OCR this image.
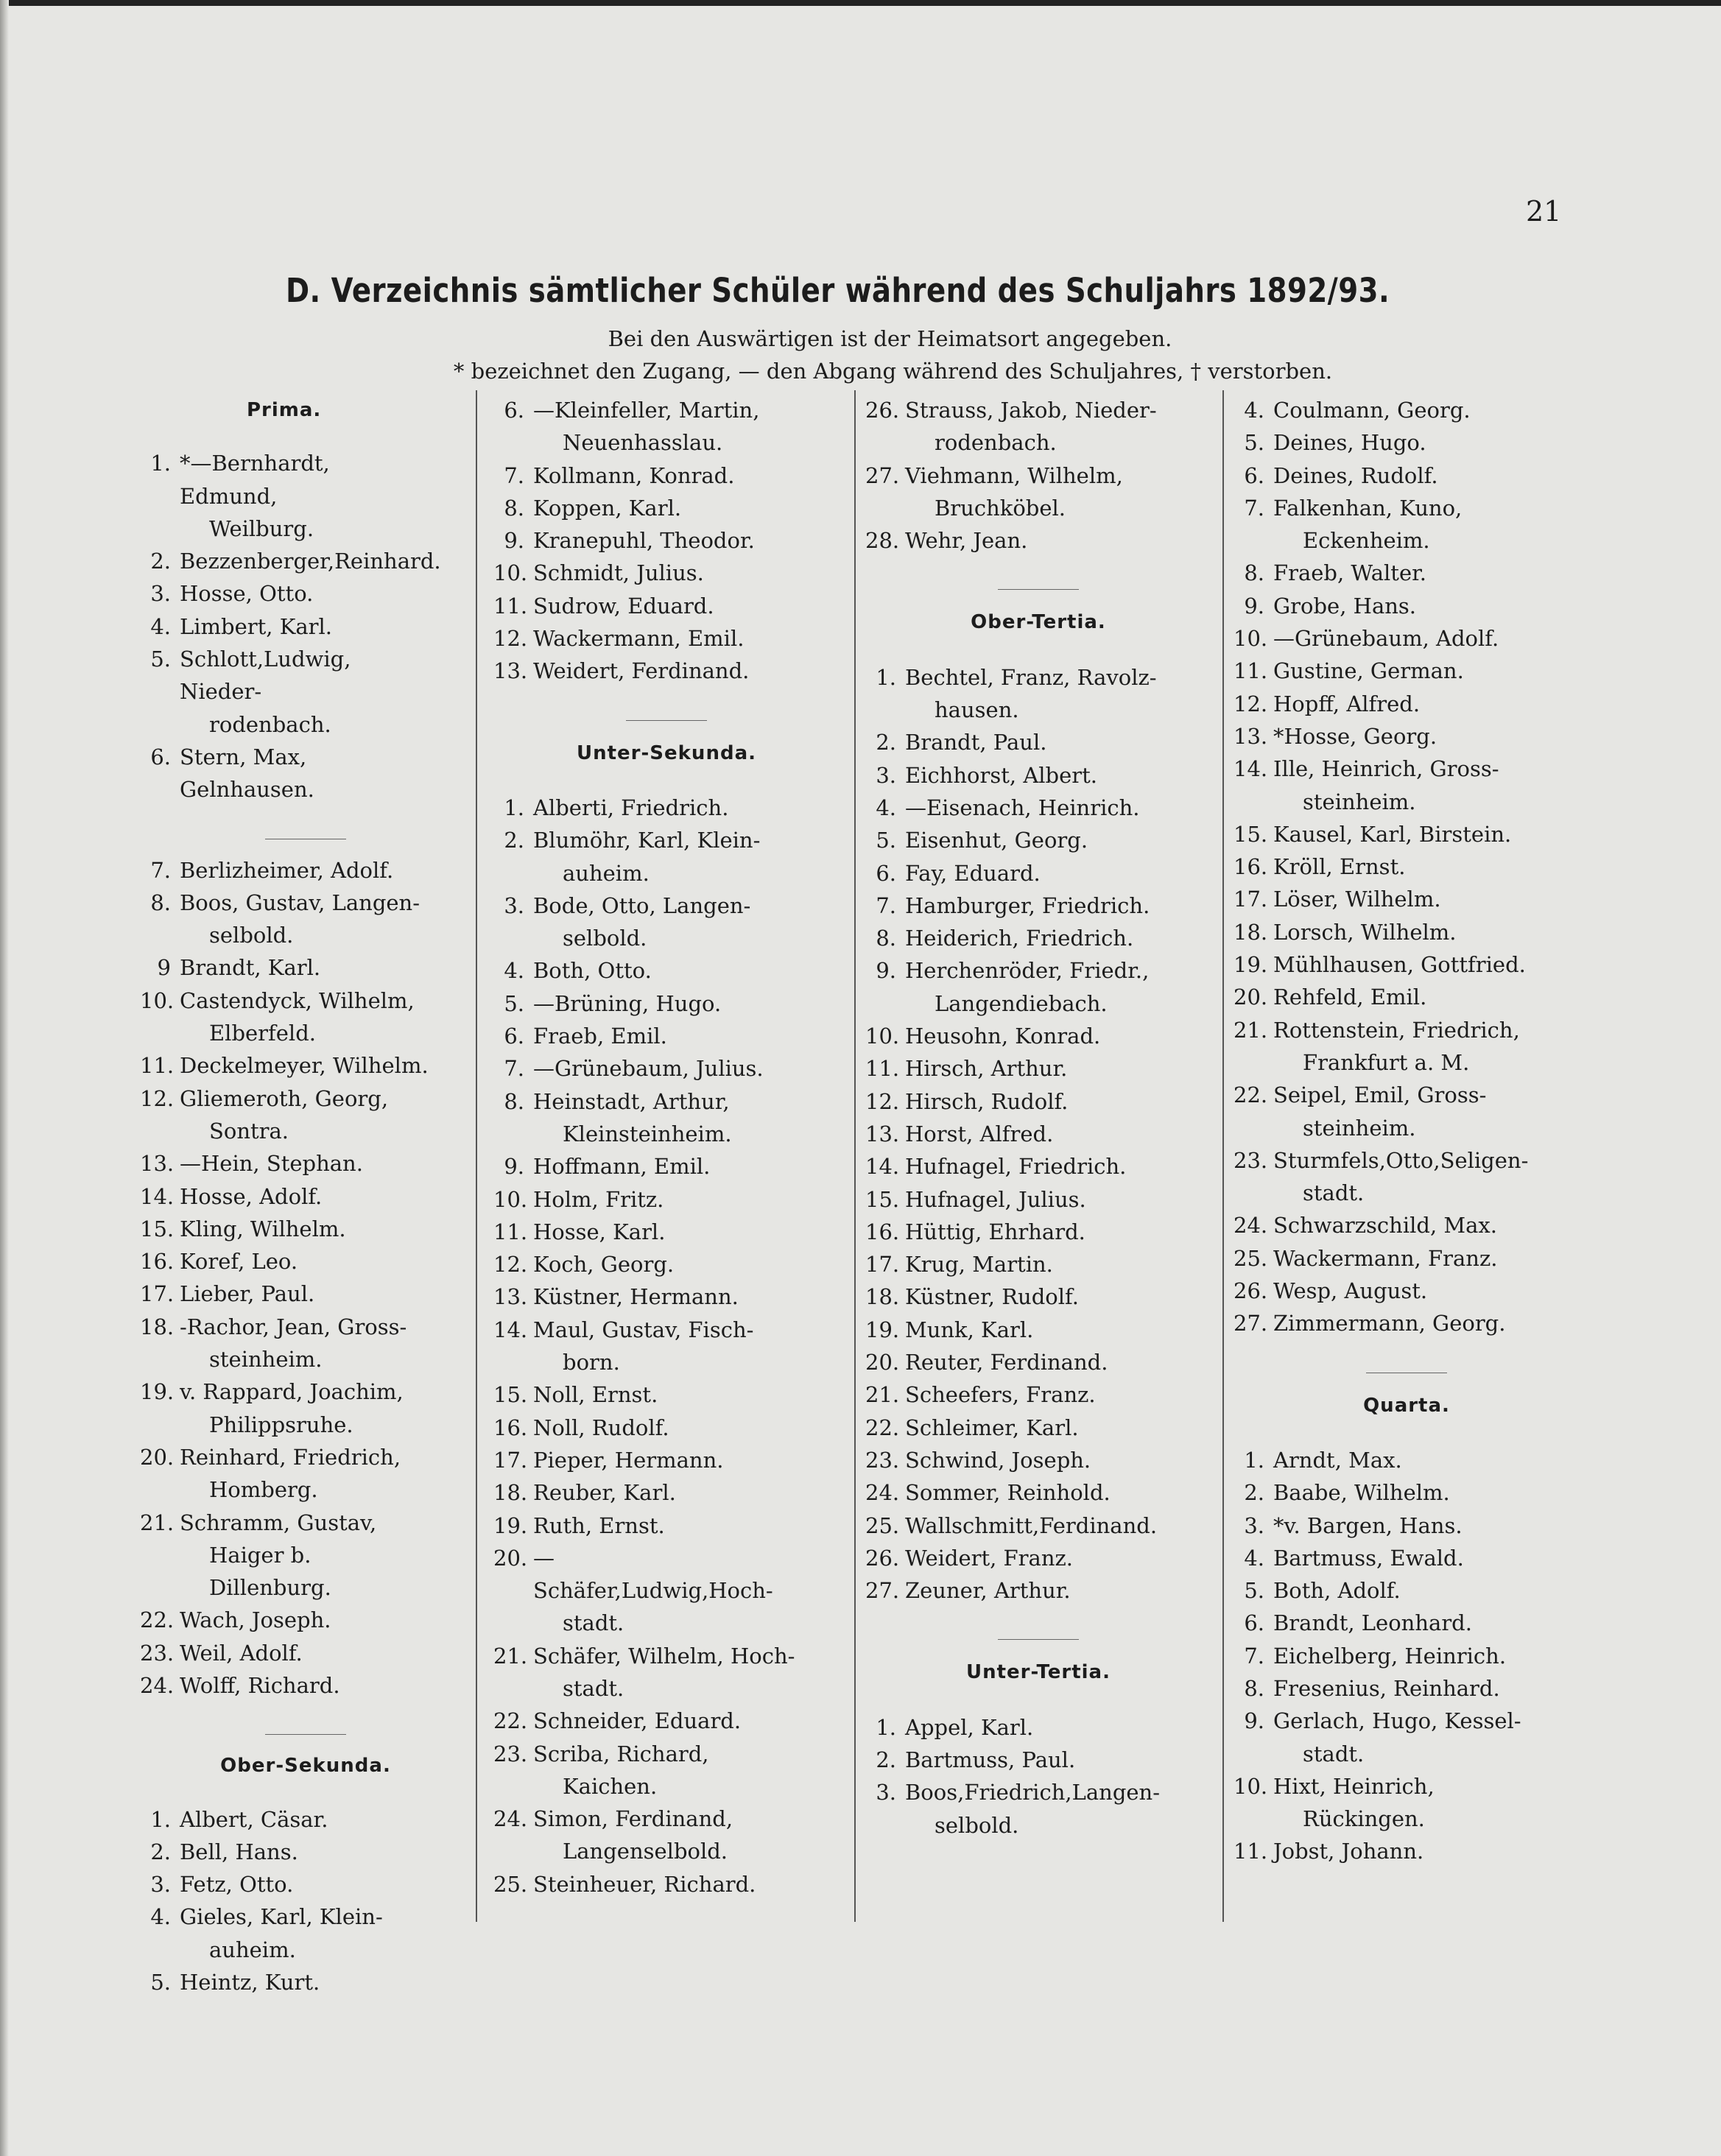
21
D. Verzeichnis sämtlicher Schüler während des Schuljahrs 1892/93.
Bei den Auswärtigen ist der Heimatsort angegeben.
* bezeichnet den Zugang, — den Abgang während des Schuljahres, † verstorben.
Prima.
1. *—Bernhardt, Edmund,
Weilburg.
2. Bezzenberger,Reinhard.
3. Hosse, Otto.
4. Limbert, Karl.
5. Schlott,Ludwig, Nieder-
rodenbach.
6. Stern, Max, Gelnhausen.
7. Berlizheimer, Adolf.
8. Boos, Gustav, Langen-
selbold.
9 Brandt, Karl.
10. Castendyck, Wilhelm,
Elberfeld.
11. Deckelmeyer, Wilhelm.
12. Gliemeroth, Georg,
Sontra.
13. —Hein, Stephan.
14. Hosse, Adolf.
15. Kling, Wilhelm.
16. Koref, Leo.
17. Lieber, Paul.
18. -Rachor, Jean, Gross-
steinheim.
19. v. Rappard, Joachim,
Philippsruhe.
20. Reinhard, Friedrich,
Homberg.
21. Schramm, Gustav,
Haiger b. Dillenburg.
22. Wach, Joseph.
23. Weil, Adolf.
24. Wolff, Richard.
Ober-Sekunda.
1. Albert, Cäsar.
2. Bell, Hans.
3. Fetz, Otto.
4. Gieles, Karl, Klein-
auheim.
5. Heintz, Kurt.
6. —Kleinfeller, Martin,
Neuenhasslau.
7. Kollmann, Konrad.
8. Koppen, Karl.
9. Kranepuhl, Theodor.
10. Schmidt, Julius.
11. Sudrow, Eduard.
12. Wackermann, Emil.
13. Weidert, Ferdinand.
Unter-Sekunda.
1. Alberti, Friedrich.
2. Blumöhr, Karl, Klein-
auheim.
3. Bode, Otto, Langen-
selbold.
4. Both, Otto.
5. —Brüning, Hugo.
6. Fraeb, Emil.
7. —Grünebaum, Julius.
8. Heinstadt, Arthur,
Kleinsteinheim.
9. Hoffmann, Emil.
10. Holm, Fritz.
11. Hosse, Karl.
12. Koch, Georg.
13. Küstner, Hermann.
14. Maul, Gustav, Fisch-
born.
15. Noll, Ernst.
16. Noll, Rudolf.
17. Pieper, Hermann.
18. Reuber, Karl.
19. Ruth, Ernst.
20. — Schäfer,Ludwig,Hoch-
stadt.
21. Schäfer, Wilhelm, Hoch-
stadt.
22. Schneider, Eduard.
23. Scriba, Richard,
Kaichen.
24. Simon, Ferdinand,
Langenselbold.
25. Steinheuer, Richard.
26. Strauss, Jakob, Nieder-
rodenbach.
27. Viehmann, Wilhelm,
Bruchköbel.
28. Wehr, Jean.
Ober-Tertia.
1. Bechtel, Franz, Ravolz-
hausen.
2. Brandt, Paul.
3. Eichhorst, Albert.
4. —Eisenach, Heinrich.
5. Eisenhut, Georg.
6. Fay, Eduard.
7. Hamburger, Friedrich.
8. Heiderich, Friedrich.
9. Herchenröder, Friedr.,
Langendiebach.
10. Heusohn, Konrad.
11. Hirsch, Arthur.
12. Hirsch, Rudolf.
13. Horst, Alfred.
14. Hufnagel, Friedrich.
15. Hufnagel, Julius.
16. Hüttig, Ehrhard.
17. Krug, Martin.
18. Küstner, Rudolf.
19. Munk, Karl.
20. Reuter, Ferdinand.
21. Scheefers, Franz.
22. Schleimer, Karl.
23. Schwind, Joseph.
24. Sommer, Reinhold.
25. Wallschmitt,Ferdinand.
26. Weidert, Franz.
27. Zeuner, Arthur.
Unter-Tertia.
1. Appel, Karl.
2. Bartmuss, Paul.
3. Boos,Friedrich,Langen-
selbold.
4. Coulmann, Georg.
5. Deines, Hugo.
6. Deines, Rudolf.
7. Falkenhan, Kuno,
Eckenheim.
8. Fraeb, Walter.
9. Grobe, Hans.
10. —Grünebaum, Adolf.
11. Gustine, German.
12. Hopff, Alfred.
13. *Hosse, Georg.
14. Ille, Heinrich, Gross-
steinheim.
15. Kausel, Karl, Birstein.
16. Kröll, Ernst.
17. Löser, Wilhelm.
18. Lorsch, Wilhelm.
19. Mühlhausen, Gottfried.
20. Rehfeld, Emil.
21. Rottenstein, Friedrich,
Frankfurt a. M.
22. Seipel, Emil, Gross-
steinheim.
23. Sturmfels,Otto,Seligen-
stadt.
24. Schwarzschild, Max.
25. Wackermann, Franz.
26. Wesp, August.
27. Zimmermann, Georg.
Quarta.
1. Arndt, Max.
2. Baabe, Wilhelm.
3. *v. Bargen, Hans.
4. Bartmuss, Ewald.
5. Both, Adolf.
6. Brandt, Leonhard.
7. Eichelberg, Heinrich.
8. Fresenius, Reinhard.
9. Gerlach, Hugo, Kessel-
stadt.
10. Hixt, Heinrich,
Rückingen.
11. Jobst, Johann.
